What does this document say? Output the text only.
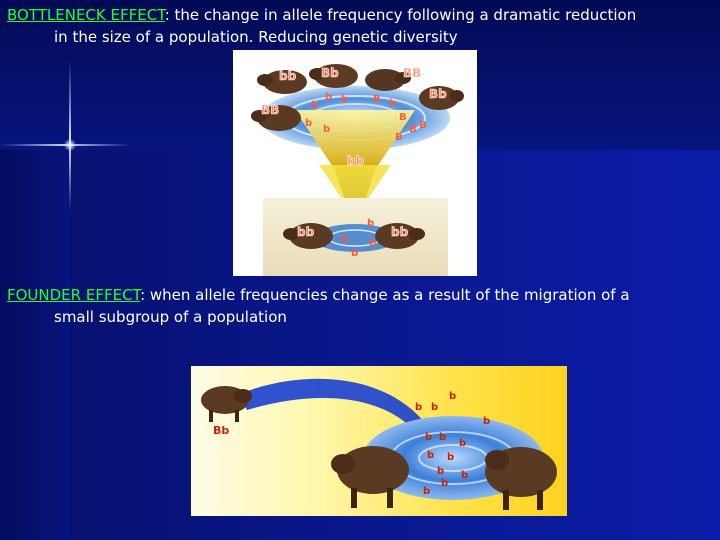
BOTTLENECK EFFECT: the change in allele frequency following a dramatic reduction
in the size of a population. Reducing genetic diversity
bb Bb	BB
BB
Bb
bb
bb	bb
b
b b B b
B
B
b
B
B
b
b
b b
b
FOUNDER EFFECT: when allele frequencies change as a result of the migration of a
small subgroup of a population
Bb
b
b
b
b
b b
b
b b
b b
b
b
